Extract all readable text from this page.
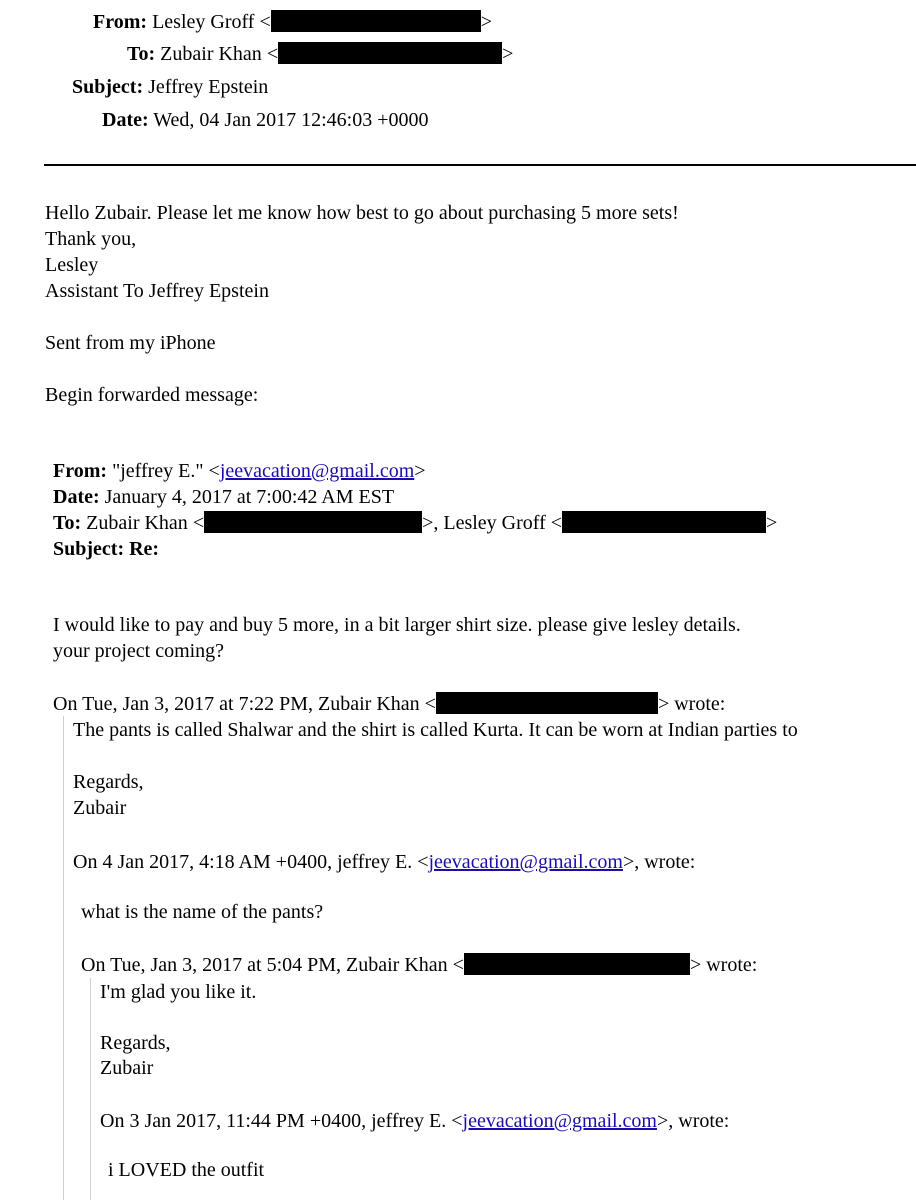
From: Lesley Groff <	>
To: Zubair Khan <	>
Subject: Jeffrey Epstein
Date: Wed, 04 Jan 2017 12:46:03 +0000
Hello Zubair. Please let me know how best to go about purchasing 5 more sets!
Thank you,
Lesley
Assistant To Jeffrey Epstein
Sent from my iPhone
Begin forwarded message:
From: "jeffrey E." <jeevacation@gmail.com>
Date: January 4, 2017 at 7:00:42 AM EST
To: Zubair Khan <	>, Lesley Groff <	>
Subject: Re:
I would like to pay and buy 5 more, in a bit larger shirt size. please give lesley details.
your project coming?
On Tue, Jan 3, 2017 at 7:22 PM, Zubair Khan <	> wrote:
The pants is called Shalwar and the shirt is called Kurta. It can be worn at Indian parties to
Regards,
Zubair
On 4 Jan 2017, 4:18 AM +0400, jeffrey E. <jeevacation@gmail.com>, wrote:
what is the name of the pants?
On Tue, Jan 3, 2017 at 5:04 PM, Zubair Khan <	> wrote:
I'm glad you like it.
Regards,
Zubair
On 3 Jan 2017, 11:44 PM +0400, jeffrey E. <jeevacation@gmail.com>, wrote:
i LOVED the outfit
